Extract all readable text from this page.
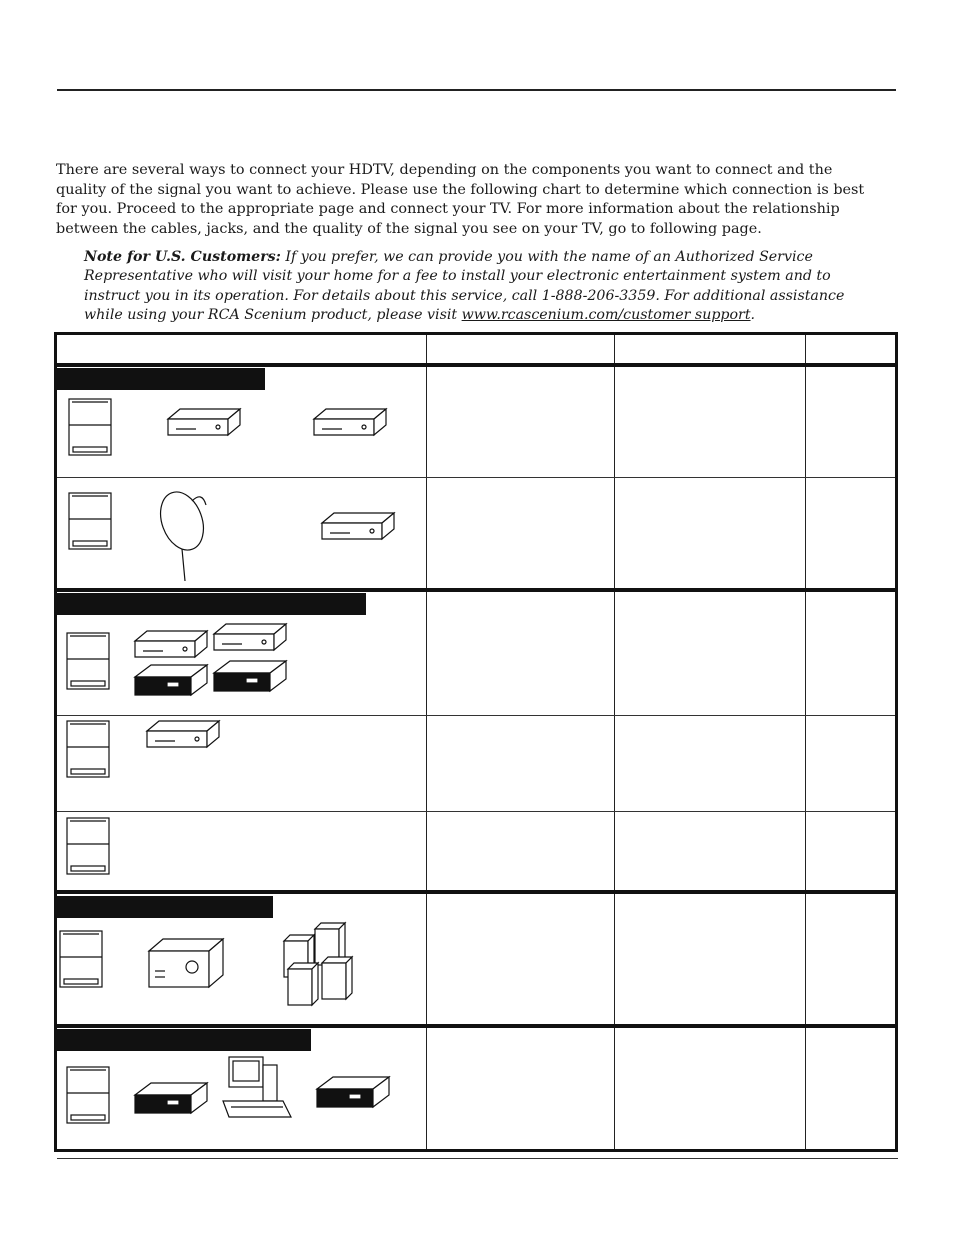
There are several ways to connect your HDTV, depending on the components you want to connect and the quality of the signal you want to achieve. Please use the following chart to determine which connection is best for you. Proceed to the appropriate page and connect your TV. For more information about the relationship between the cables, jacks, and the quality of the signal you see on your TV, go to following page.

Note for U.S. Customers: If you prefer, we can provide you with the name of an Authorized Service Representative who will visit your home for a fee to install your electronic entertainment system and to instruct you in its operation. For details about this service, call 1-888-206-3359. For additional assistance while using your RCA Scenium product, please visit www.rcascenium.com/customer support.
